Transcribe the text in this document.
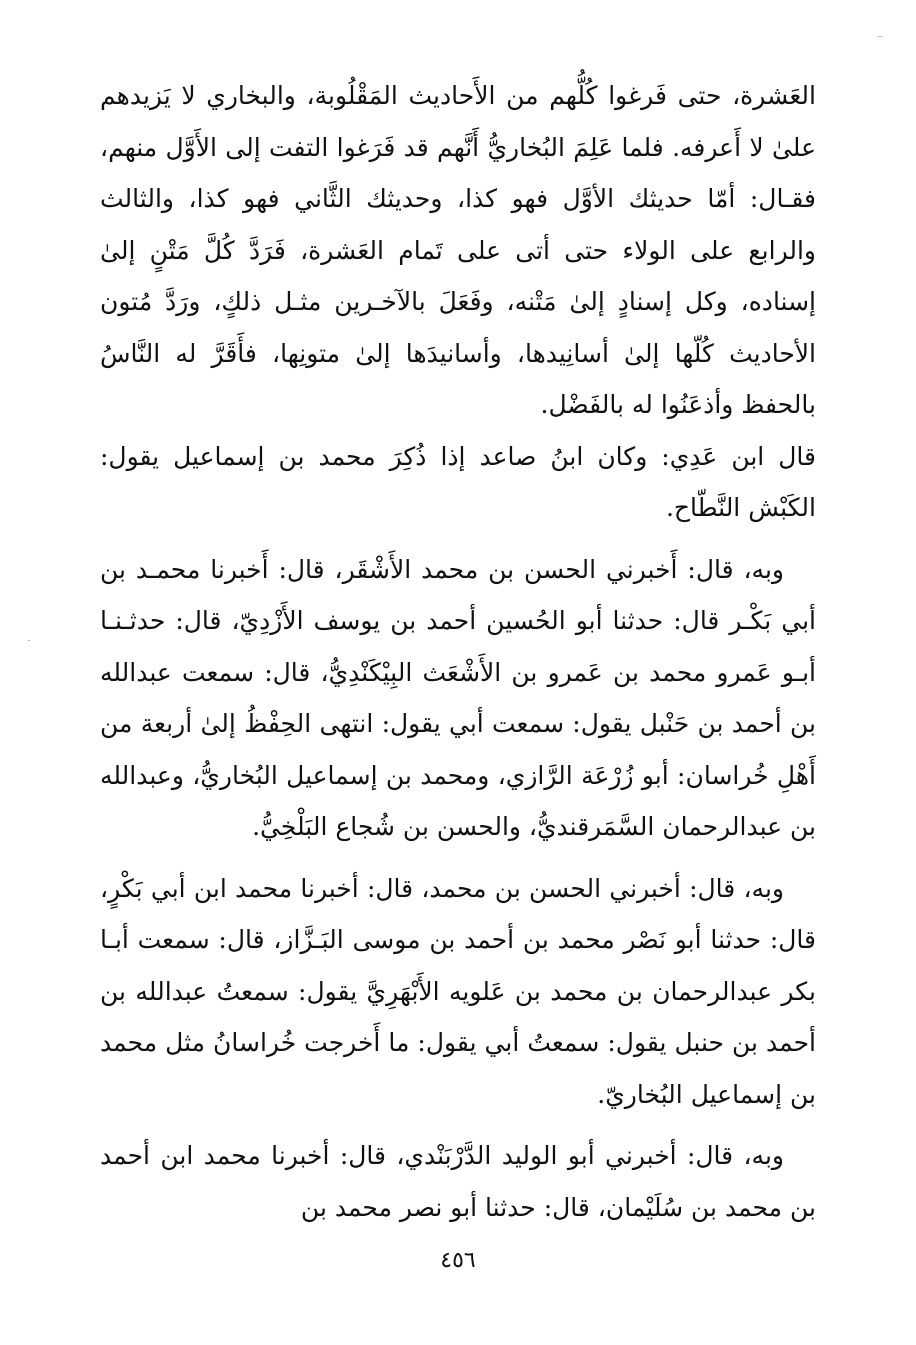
العَشرة، حتى فَرغوا كُلُّهم من الأَحاديث المَقْلُوبة، والبخاري لا يَزيدهم علىٰ لا أَعرفه. فلما عَلِمَ البُخاريُّ أَنَّهم قد فَرَغوا التفت إلى الأَوَّل منهم، فقـال: أمّا حديثك الأوَّل فهو كذا، وحديثك الثَّاني فهو كذا، والثالث والرابع على الولاء حتى أتى على تَمام العَشرة، فَرَدَّ كُلَّ مَتْنٍ إلىٰ إسناده، وكل إسنادٍ إلىٰ مَتْنه، وفَعَلَ بالآخـرين مثـل ذلكٍ، ورَدَّ مُتون الأحاديث كُلّها إلىٰ أسانِيدها، وأسانيدَها إلىٰ متونِها، فأَقَرَّ له النَّاسُ بالحفظ وأذعَنُوا له بالفَضْل.

قال ابن عَدِي: وكان ابنُ صاعد إذا ذُكِرَ محمد بن إسماعيل يقول: الكَبْش النَّطّاح.

وبه، قال: أَخبرني الحسن بن محمد الأَشْقَر، قال: أَخبرنا محمـد بن أبي بَكْـر قال: حدثنا أبو الحُسين أحمد بن يوسف الأَزْدِيّ، قال: حدثـنـا أبـو عَمرو محمد بن عَمرو بن الأَشْعَث البِيْكَنْدِيُّ، قال: سمعت عبدالله بن أحمد بن حَنْبل يقول: سمعت أبي يقول: انتهى الحِفْظُ إلىٰ أربعة من أَهْلِ خُراسان: أبو زُرْعَة الرَّازي، ومحمد بن إسماعيل البُخاريُّ، وعبدالله بن عبدالرحمان السَّمَرقنديُّ، والحسن بن شُجاع البَلْخِيُّ.

وبه، قال: أخبرني الحسن بن محمد، قال: أخبرنا محمد ابن أبي بَكْرٍ، قال: حدثنا أبو نَصْر محمد بن أحمد بن موسى البَـزَّاز، قال: سمعت أبـا بكر عبدالرحمان بن محمد بن عَلويه الأَبْهَرِيَّ يقول: سمعتُ عبدالله بن أحمد بن حنبل يقول: سمعتُ أبي يقول: ما أَخرجت خُراسانُ مثل محمد بن إسماعيل البُخاريّ.

وبه، قال: أخبرني أبو الوليد الدَّرْبَنْدي، قال: أخبرنا محمد ابن أحمد بن محمد بن سُلَيْمان، قال: حدثنا أبو نصر محمد بن

٤٥٦
